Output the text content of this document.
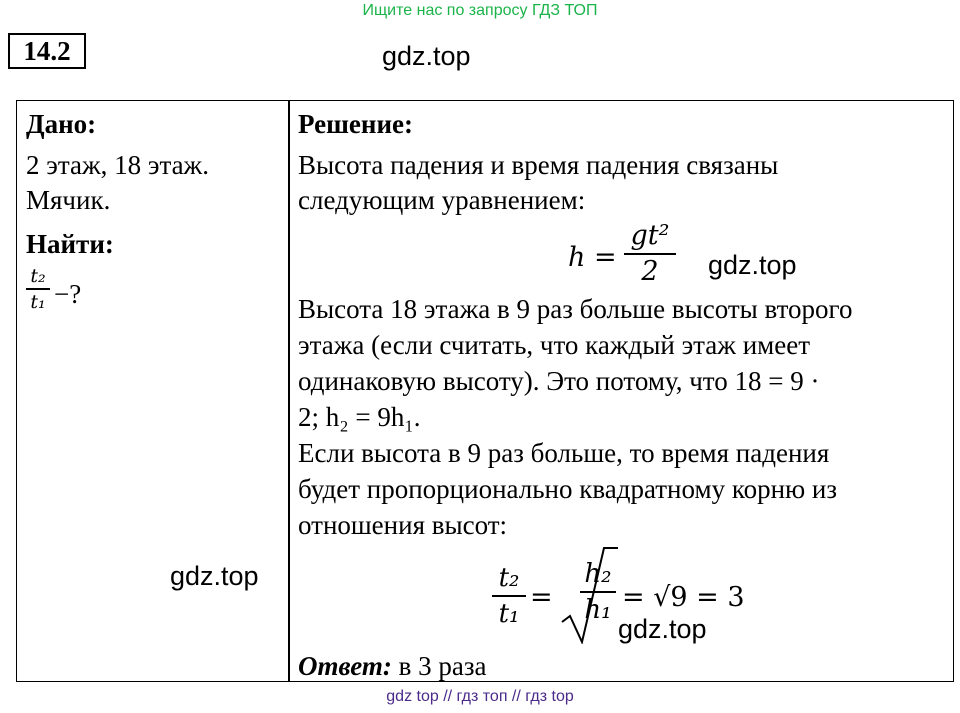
Ищите нас по запросу ГДЗ ТОП
14.2	gdz.top
Дано:
2 этаж, 18 этаж.
Мячик.
Найти:
t₂
t₁ −?
gdz.top
Решение:
Высота падения и время падения связаны
следующим уравнением:
h =
gt²
2	gdz.top
Высота 18 этажа в 9 раз больше высоты второго
этажа (если считать, что каждый этаж имеет
одинаковую высоту). Это потому, что 18 = 9 ·
2; h₂ = 9h₁.
Если высота в 9 раз больше, то время падения
будет пропорционально квадратному корню из
отношения высот:
t₂
t₁
=
h₂
h₁ = √9 = 3
gdz.top
Ответ: в 3 раза
gdz top // гдз топ // гдз top
